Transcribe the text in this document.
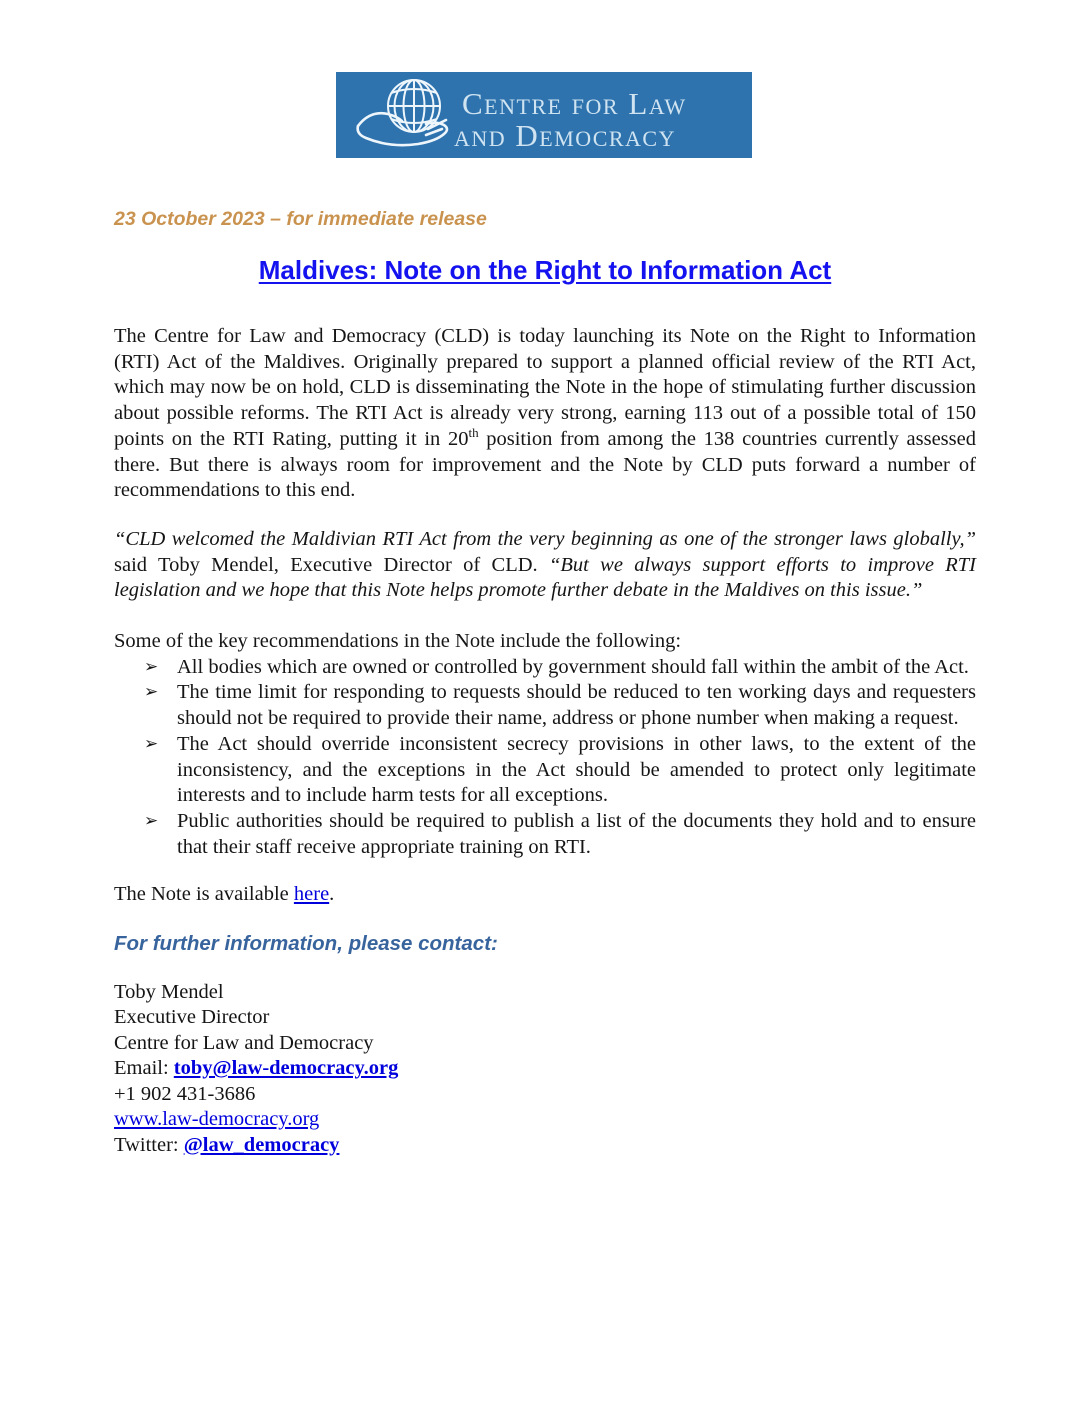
Centre for Law
and Democracy
23 October 2023 – for immediate release
Maldives: Note on the Right to Information Act

The Centre for Law and Democracy (CLD) is today launching its Note on the Right to Information (RTI) Act of the Maldives. Originally prepared to support a planned official review of the RTI Act, which may now be on hold, CLD is disseminating the Note in the hope of stimulating further discussion about possible reforms. The RTI Act is already very strong, earning 113 out of a possible total of 150 points on the RTI Rating, putting it in 20th position from among the 138 countries currently assessed there. But there is always room for improvement and the Note by CLD puts forward a number of recommendations to this end.

“CLD welcomed the Maldivian RTI Act from the very beginning as one of the stronger laws globally,” said Toby Mendel, Executive Director of CLD. “But we always support efforts to improve RTI legislation and we hope that this Note helps promote further debate in the Maldives on this issue.”

Some of the key recommendations in the Note include the following:

➢ All bodies which are owned or controlled by government should fall within the ambit of the Act.
➢ The time limit for responding to requests should be reduced to ten working days and requesters should not be required to provide their name, address or phone number when making a request.
➢ The Act should override inconsistent secrecy provisions in other laws, to the extent of the inconsistency, and the exceptions in the Act should be amended to protect only legitimate interests and to include harm tests for all exceptions.
➢ Public authorities should be required to publish a list of the documents they hold and to ensure that their staff receive appropriate training on RTI.

The Note is available here.

For further information, please contact:
Toby Mendel
Executive Director
Centre for Law and Democracy
Email: toby@law-democracy.org
+1 902 431-3686
www.law-democracy.org
Twitter: @law_democracy
